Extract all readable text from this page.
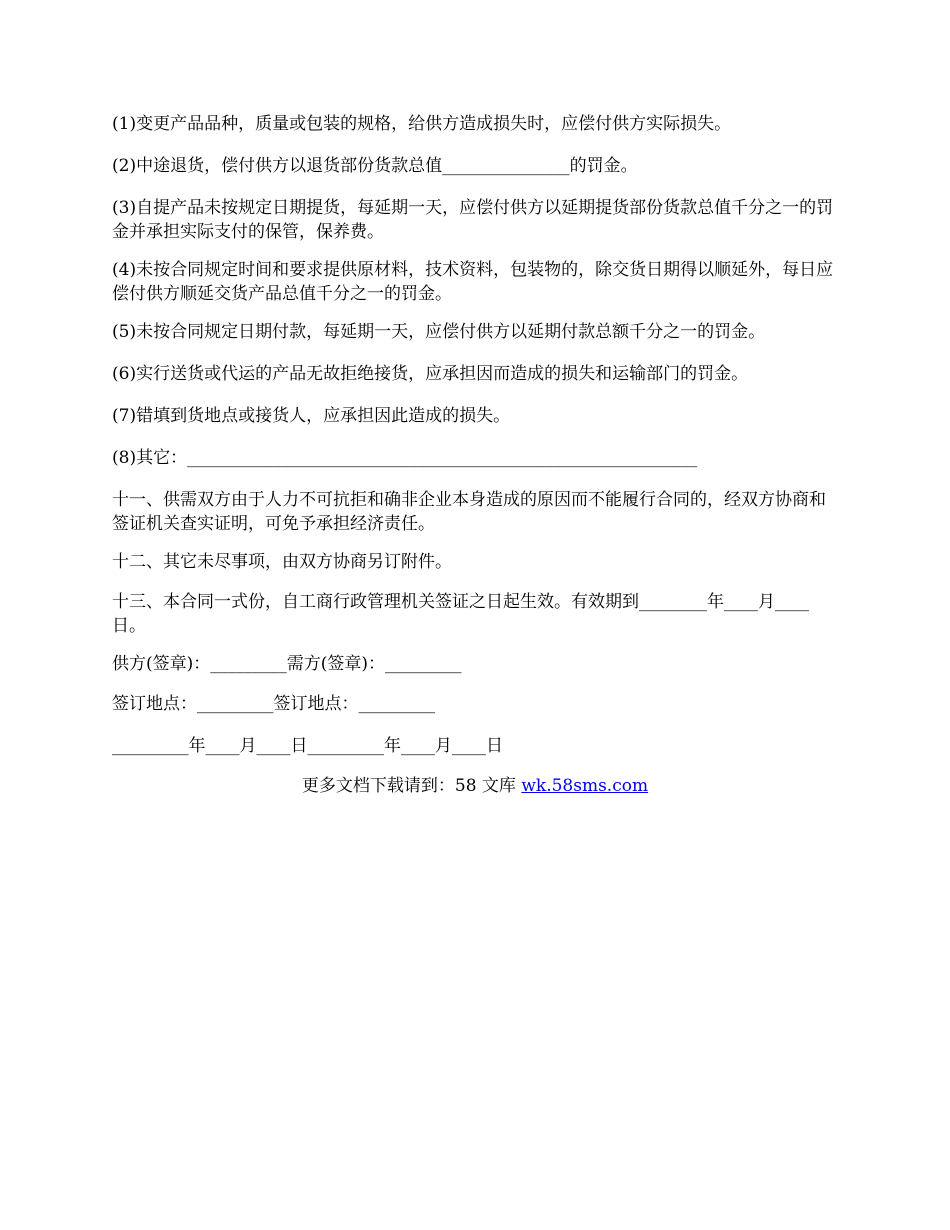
(1)变更产品品种，质量或包装的规格，给供方造成损失时，应偿付供方实际损失。
(2)中途退货，偿付供方以退货部份货款总值_______________的罚金。
(3)自提产品未按规定日期提货，每延期一天，应偿付供方以延期提货部份货款总值千分之一的罚金并承担实际支付的保管，保养费。
(4)未按合同规定时间和要求提供原材料，技术资料，包装物的，除交货日期得以顺延外，每日应偿付供方顺延交货产品总值千分之一的罚金。
(5)未按合同规定日期付款，每延期一天，应偿付供方以延期付款总额千分之一的罚金。
(6)实行送货或代运的产品无故拒绝接货，应承担因而造成的损失和运输部门的罚金。
(7)错填到货地点或接货人，应承担因此造成的损失。
(8)其它：____________________________________________________________
十一、供需双方由于人力不可抗拒和确非企业本身造成的原因而不能履行合同的，经双方协商和签证机关查实证明，可免予承担经济责任。
十二、其它未尽事项，由双方协商另订附件。
十三、本合同一式份，自工商行政管理机关签证之日起生效。有效期到________年____月____日。
供方(签章)：_________需方(签章)：_________
签订地点：_________签订地点：_________
_________年____月____日_________年____月____日
更多文档下载请到：58 文库 wk.58sms.com
